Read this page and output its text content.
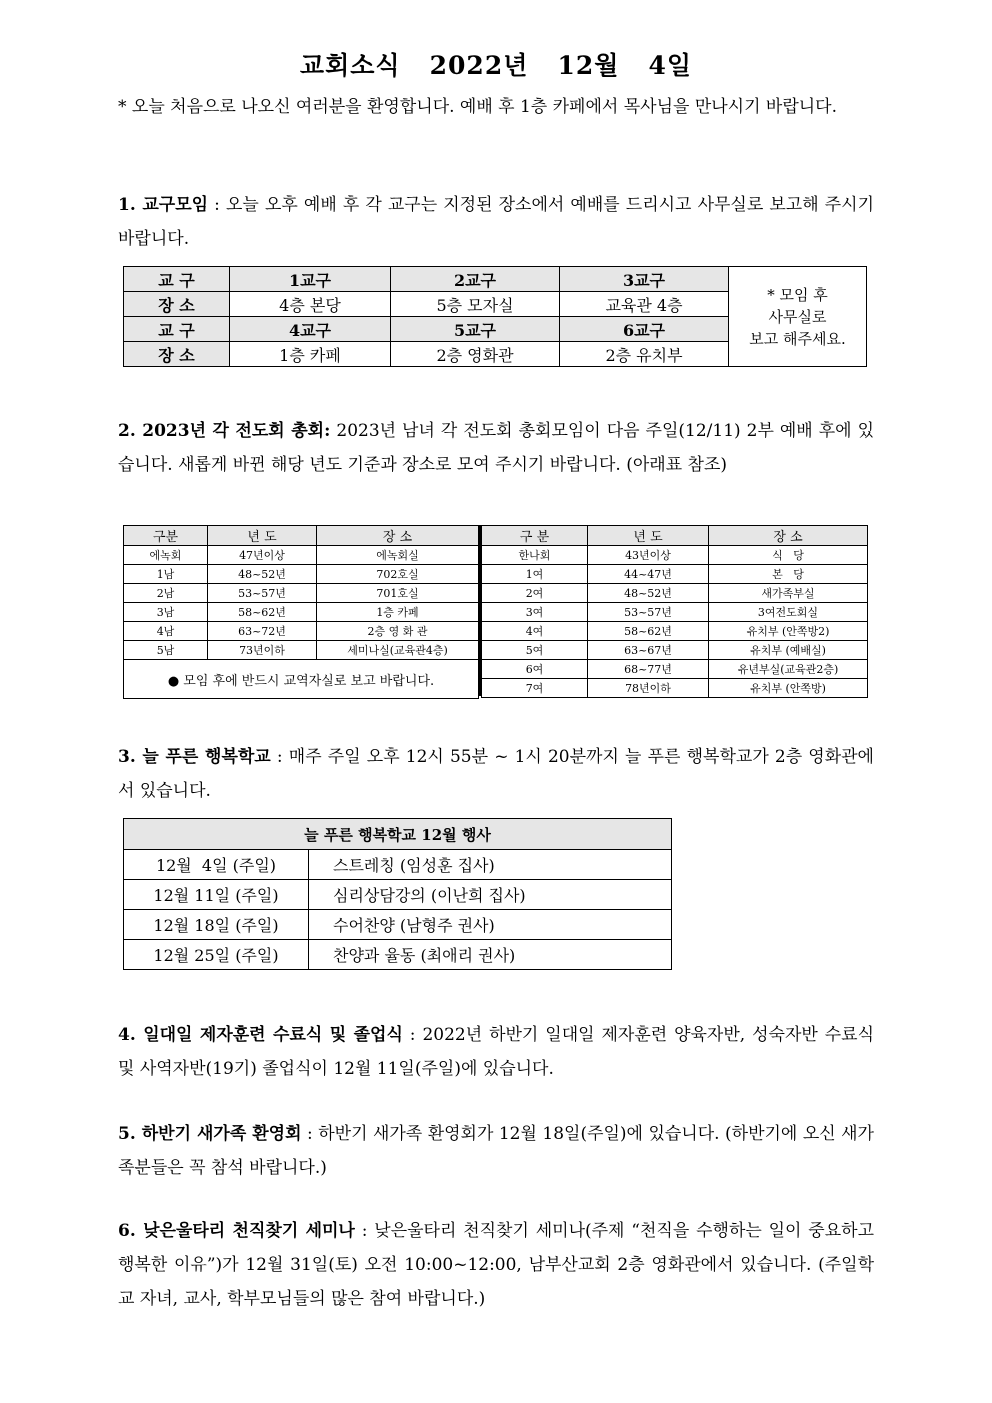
교회소식   2022년   12월   4일
* 오늘 처음으로 나오신 여러분을 환영합니다. 예배 후 1층 카페에서 목사님을 만나시기 바랍니다.
1. 교구모임 : 오늘 오후 예배 후 각 교구는 지정된 장소에서 예배를 드리시고 사무실로 보고해 주시기 바랍니다.
교 구	1교구	2교구	3교구	* 모임 후
사무실로
보고 해주세요.

장 소	4층 본당	5층 모자실	교육관 4층	
교 구	4교구	5교구	6교구	
장 소	1층 카페	2층 영화관	2층 유치부	
2. 2023년 각 전도회 총회: 2023년 남녀 각 전도회 총회모임이 다음 주일(12/11) 2부 예배 후에 있습니다. 새롭게 바뀐 해당 년도 기준과 장소로 모여 주시기 바랍니다. (아래표 참조)
구분	년 도	장 소
에녹회	47년이상	에녹회실
1남	48~52년	702호실
2남	53~57년	701호실
3남	58~62년	1층 카페
4남	63~72년	2층 영 화 관
5남	73년이하	세미나실(교육관4층)
● 모임 후에 반드시 교역자실로 보고 바랍니다.		
구 분	년 도	장 소
한나회	43년이상	식   당
1여	44~47년	본   당
2여	48~52년	새가족부실
3여	53~57년	3여전도회실
4여	58~62년	유치부 (안쪽방2)
5여	63~67년	유치부 (예배실)
6여	68~77년	유년부실(교육관2층)
7여	78년이하	유치부 (안쪽방)
3. 늘 푸른 행복학교 : 매주 주일 오후 12시 55분 ~ 1시 20분까지 늘 푸른 행복학교가 2층 영화관에서 있습니다.
늘 푸른 행복학교 12월 행사	
12월  4일 (주일)	스트레칭 (임성훈 집사)
12월 11일 (주일)	심리상담강의 (이난희 집사)
12월 18일 (주일)	수어찬양 (남형주 권사)
12월 25일 (주일)	찬양과 율동 (최애리 권사)
4. 일대일 제자훈련 수료식 및 졸업식 : 2022년 하반기 일대일 제자훈련 양육자반, 성숙자반 수료식 및 사역자반(19기) 졸업식이 12월 11일(주일)에 있습니다.
5. 하반기 새가족 환영회 : 하반기 새가족 환영회가 12월 18일(주일)에 있습니다. (하반기에 오신 새가족분들은 꼭 참석 바랍니다.)
6. 낮은울타리 천직찾기 세미나 : 낮은울타리 천직찾기 세미나(주제 “천직을 수행하는 일이 중요하고 행복한 이유”)가 12월 31일(토) 오전 10:00~12:00, 남부산교회 2층 영화관에서 있습니다. (주일학교 자녀, 교사, 학부모님들의 많은 참여 바랍니다.)
